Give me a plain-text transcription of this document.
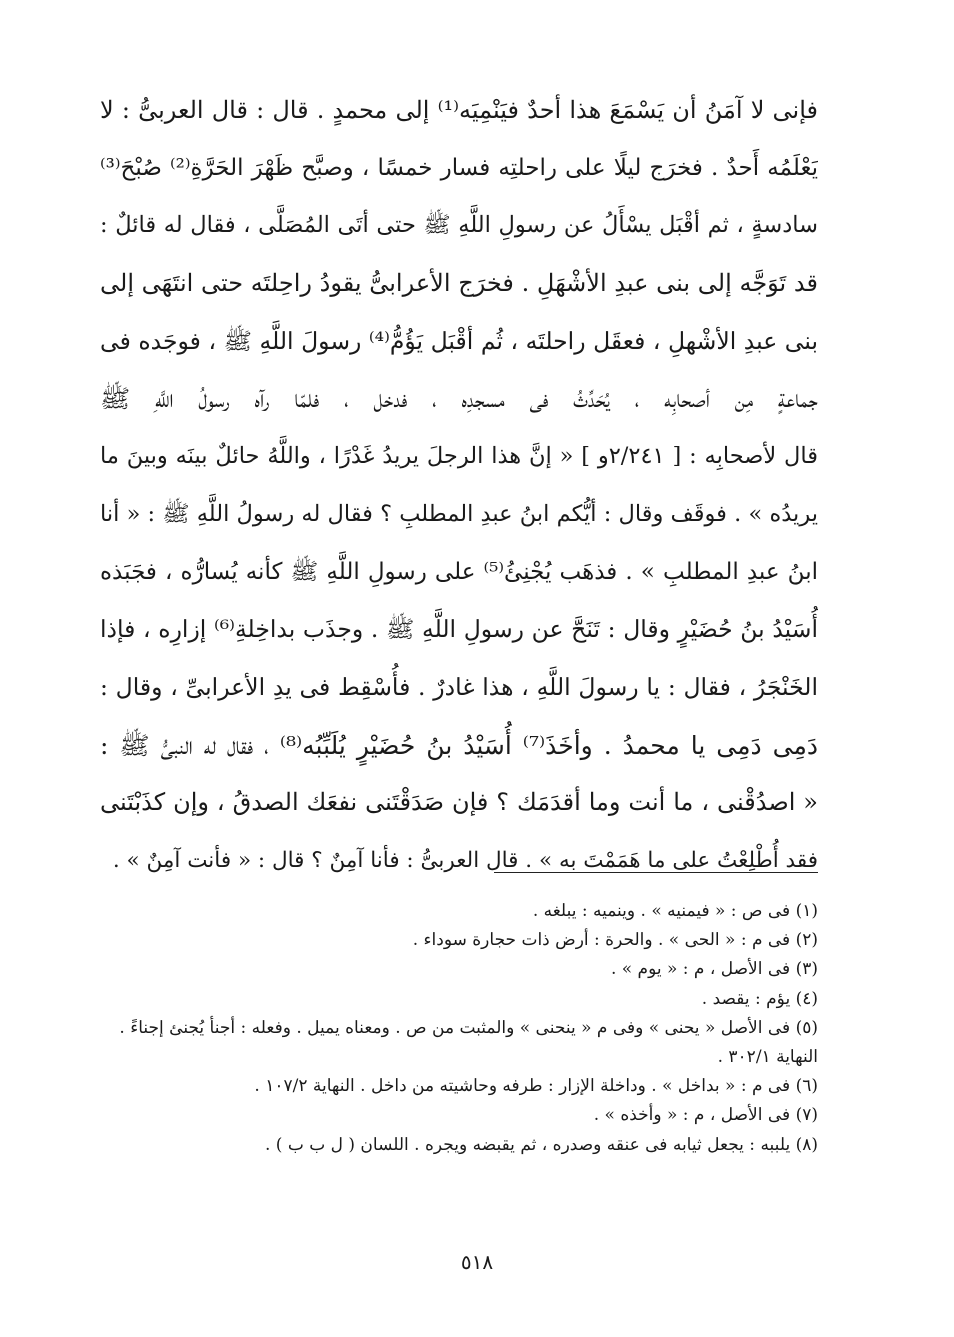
فإنى لا آمَنُ أن يَسْمَعَ هذا أحدٌ فيَنْمِيَه⁽¹⁾ إلى محمدٍ . قال : قال العربىُّ : لا
يَعْلَمُه أَحدٌ . فخرَج ليلًا على راحلتِه فسار خمسًا ، وصبَّح ظَهْرَ الحَرَّةِ⁽²⁾ صُبْحَ⁽³⁾
سادسةٍ ، ثم أقْبَل يسْأَلُ عن رسولِ اللَّهِ ﷺ حتى أتَى المُصَلَّى ، فقال له قائلٌ :
قد تَوَجَّه إلى بنى عبدِ الأشْهَلِ . فخرَج الأعرابىُّ يقودُ راحِلتَه حتى انتَهَى إلى
بنى عبدِ الأشْهلِ ، فعقَل راحلتَه ، ثُم أقْبَل يَؤُمُّ⁽⁴⁾ رسولَ اللَّهِ ﷺ ، فوجَده فى
جماعةٍ مِن أصحابِه ، يُحَدِّثُ فى مسجدِه ، فدخل ، فلمّا رآه رسولُ اللَّهِ ﷺ
قال لأصحابِه : [ ٢/٢٤١و ] « إنَّ هذا الرجلَ يريدُ غَدْرًا ، واللَّهُ حائلٌ بينَه وبينَ ما
يريدُه » . فوقَف وقال : أيُّكم ابنُ عبدِ المطلبِ ؟ فقال له رسولُ اللَّهِ ﷺ : « أنا
ابنُ عبدِ المطلبِ » . فذهَب يُجْنِئُ⁽⁵⁾ على رسولِ اللَّهِ ﷺ كأنه يُسارُّه ، فجَبَذه
أُسَيْدُ بنُ حُضَيْرٍ وقال : تَنَحَّ عن رسولِ اللَّهِ ﷺ . وجذَب بداخِلةِ⁽⁶⁾ إزارِه ، فإذا
الخَنْجَرُ ، فقال : يا رسولَ اللَّهِ ، هذا غادرٌ . فأُسْقِط فى يدِ الأعرابىِّ ، وقال :
دَمِى دَمِى يا محمدُ . وأخَذَ⁽⁷⁾ أُسَيْدُ بنُ حُضَيْرٍ يُلَبِّبُه⁽⁸⁾ ، فقال له النبىُّ ﷺ :
« اصدُقْنى ، ما أنت وما أقدَمَك ؟ فإن صَدَقْتَنى نفعَك الصدقُ ، وإن كذَبْتَنى
فقد أُطْلِعْتُ على ما هَمَمْتَ به » . قال العربىُّ : فأنا آمِنٌ ؟ قال : « فأنت آمِنٌ » .
(١) فى ص : « فيمنيه » . وينميه : يبلغه .
(٢) فى م : « الحى » . والحرة : أرض ذات حجارة سوداء .
(٣) فى الأصل ، م : « يوم » .
(٤) يؤم : يقصد .
(٥) فى الأصل « يحنى » وفى م « ينحنى » والمثبت من ص . ومعناه يميل . وفعله : أجنأ يُجنئ إجناءً .
النهاية ٣٠٢/١ .
(٦) فى م : « بداخل » . وداخلة الإزار : طرفه وحاشيته من داخل . النهاية ١٠٧/٢ .
(٧) فى الأصل ، م : « وأخذه » .
(٨) يلببه : يجعل ثيابه فى عنقه وصدره ، ثم يقبضه ويجره . اللسان ( ل ب ب ) .
٥١٨
